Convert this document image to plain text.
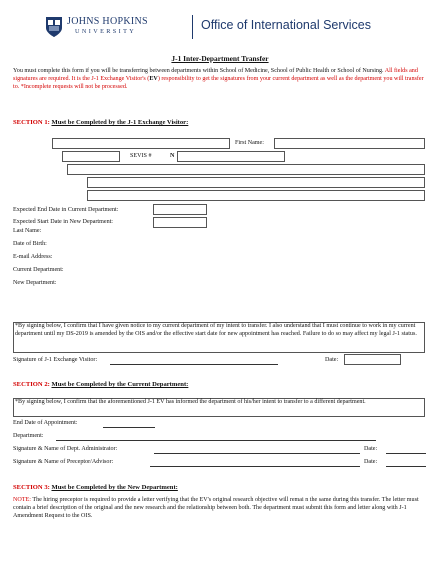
JOHNS HOPKINS
UNIVERSITY	Office of International Services
J-1 Inter-Department Transfer
You must complete this form if you will be transferring between departments within School of Medicine, School of Public Health or School of Nursing. All fields and signatures are required. It is the J-1 Exchange Visitor's (EV) responsibility to get the signatures from your current department as well as the department you will transfer to. *Incomplete requests will not be processed.
SECTION 1: Must be Completed by the J-1 Exchange Visitor:
First Name:
SEVIS #	N
Expected End Date in Current Department:
Expected Start Date in New Department:
Last Name:
Date of Birth:
E-mail Address:
Current Department:
New Department:
*By signing below, I confirm that I have given notice to my current department of my intent to transfer. I also understand that I must continue to work in my current department until my DS-2019 is amended by the OIS and/or the effective start date for new appointment has reached. Failure to do so may affect my legal J-1 status.
Signature of J-1 Exchange Visitor:	Date:
SECTION 2: Must be Completed by the Current Department:
*By signing below, I confirm that the aforementioned J-1 EV has informed the department of his/her intent to transfer to a different department.
End Date of Appointment:
Department:
Signature & Name of Dept. Administrator:	Date:
Signature & Name of Preceptor/Advisor:	Date:
SECTION 3: Must be Completed by the New Department:
NOTE: The hiring preceptor is required to provide a letter verifying that the EV's original research objective will remai n the same during this transfer. The letter must contain a brief description of the original and the new research and the relationship between both. The department must submit this form and letter along with J-1 Amendment Request to the OIS.
